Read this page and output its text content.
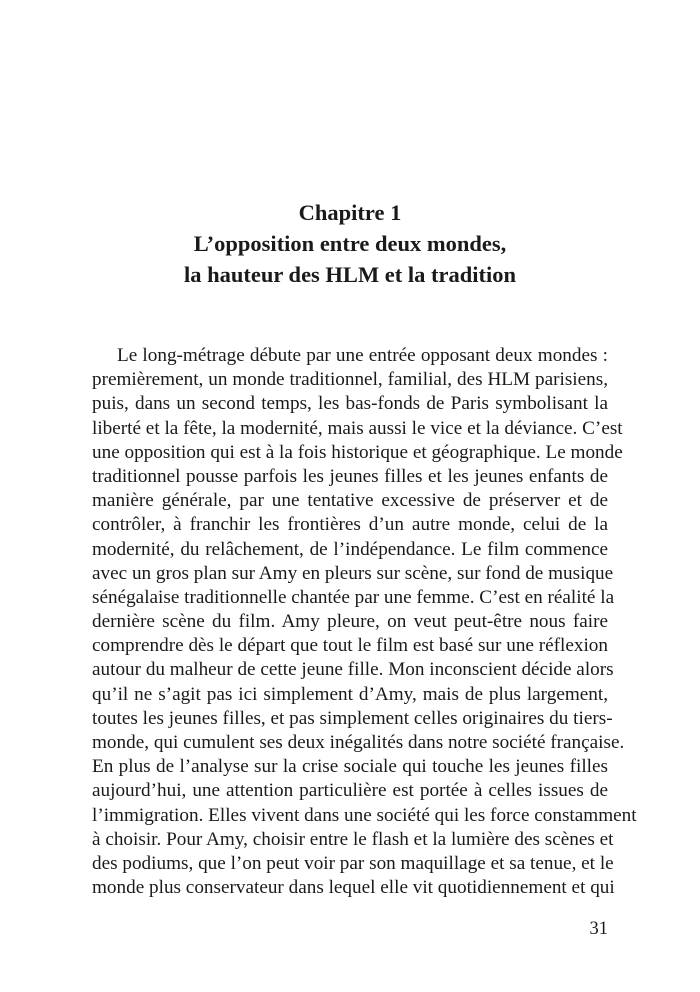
Chapitre 1
L’opposition entre deux mondes,
la hauteur des HLM et la tradition
Le long-métrage débute par une entrée opposant deux mondes :
premièrement, un monde traditionnel, familial, des HLM parisiens,
puis, dans un second temps, les bas-fonds de Paris symbolisant la
liberté et la fête, la modernité, mais aussi le vice et la déviance. C’est
une opposition qui est à la fois historique et géographique. Le monde
traditionnel pousse parfois les jeunes filles et les jeunes enfants de
manière générale, par une tentative excessive de préserver et de
contrôler, à franchir les frontières d’un autre monde, celui de la
modernité, du relâchement, de l’indépendance. Le film commence
avec un gros plan sur Amy en pleurs sur scène, sur fond de musique
sénégalaise traditionnelle chantée par une femme. C’est en réalité la
dernière scène du film. Amy pleure, on veut peut-être nous faire
comprendre dès le départ que tout le film est basé sur une réflexion
autour du malheur de cette jeune fille. Mon inconscient décide alors
qu’il ne s’agit pas ici simplement d’Amy, mais de plus largement,
toutes les jeunes filles, et pas simplement celles originaires du tiers-
monde, qui cumulent ses deux inégalités dans notre société française.
En plus de l’analyse sur la crise sociale qui touche les jeunes filles
aujourd’hui, une attention particulière est portée à celles issues de
l’immigration. Elles vivent dans une société qui les force constamment
à choisir. Pour Amy, choisir entre le flash et la lumière des scènes et
des podiums, que l’on peut voir par son maquillage et sa tenue, et le
monde plus conservateur dans lequel elle vit quotidiennement et qui
31
